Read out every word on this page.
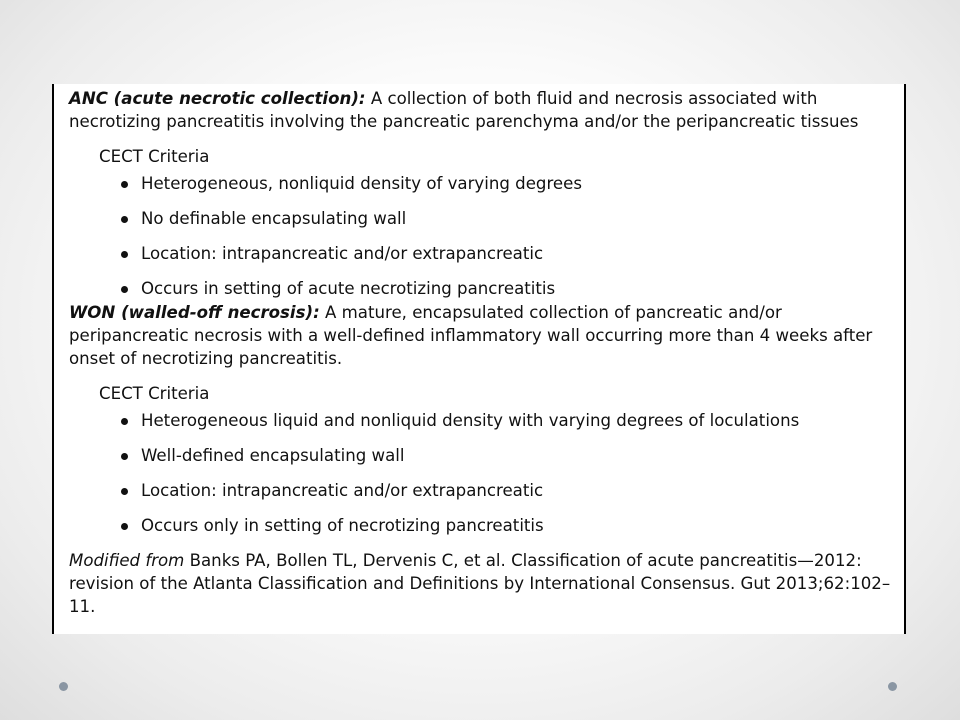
ANC (acute necrotic collection): A collection of both fluid and necrosis associated with necrotizing pancreatitis involving the pancreatic parenchyma and/or the peripancreatic tissues

CECT Criteria
Heterogeneous, nonliquid density of varying degrees
No definable encapsulating wall
Location: intrapancreatic and/or extrapancreatic
Occurs in setting of acute necrotizing pancreatitis

WON (walled-off necrosis): A mature, encapsulated collection of pancreatic and/or peripancreatic necrosis with a well-defined inflammatory wall occurring more than 4 weeks after onset of necrotizing pancreatitis.

CECT Criteria
Heterogeneous liquid and nonliquid density with varying degrees of loculations
Well-defined encapsulating wall
Location: intrapancreatic and/or extrapancreatic
Occurs only in setting of necrotizing pancreatitis

Modified from Banks PA, Bollen TL, Dervenis C, et al. Classification of acute pancreatitis—2012: revision of the Atlanta Classification and Definitions by International Consensus. Gut 2013;62:102–11.
